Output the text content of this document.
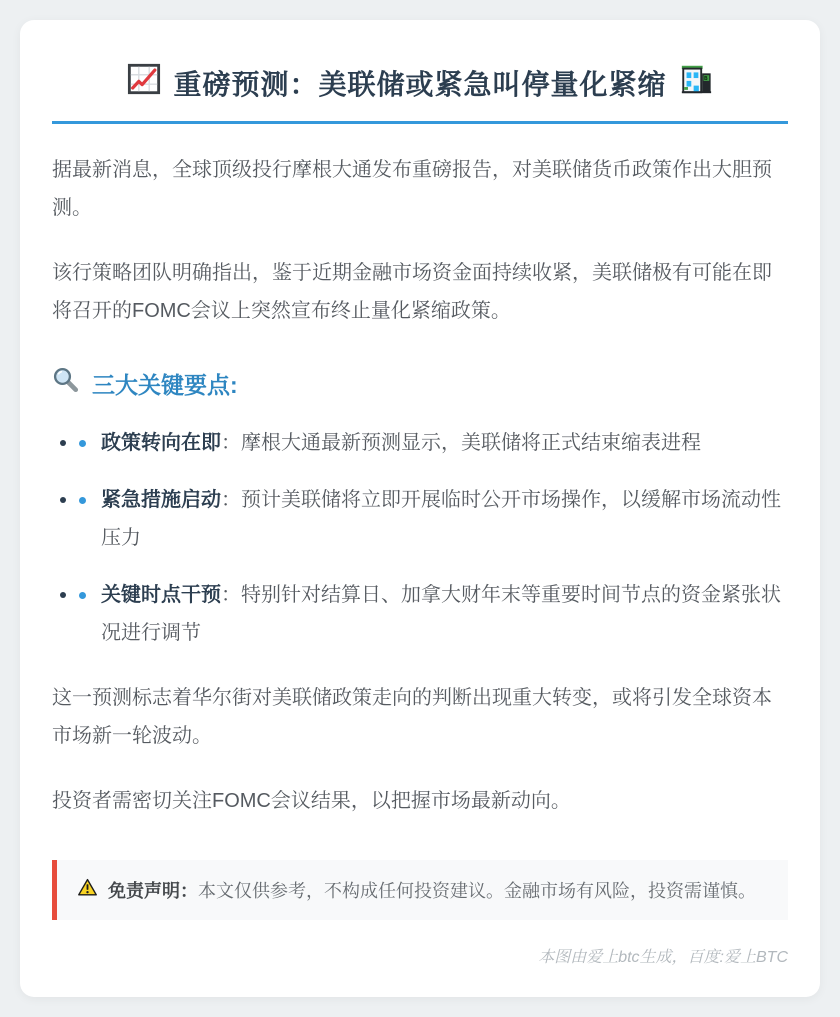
重磅预测：美联储或紧急叫停量化紧缩	B

据最新消息，全球顶级投行摩根大通发布重磅报告，对美联储货币政策作出大胆预测。

该行策略团队明确指出，鉴于近期金融市场资金面持续收紧，美联储极有可能在即将召开的FOMC会议上突然宣布终止量化紧缩政策。

三大关键要点:
政策转向在即：摩根大通最新预测显示，美联储将正式结束缩表进程
紧急措施启动：预计美联储将立即开展临时公开市场操作，以缓解市场流动性压力
关键时点干预：特别针对结算日、加拿大财年末等重要时间节点的资金紧张状况进行调节

这一预测标志着华尔街对美联储政策走向的判断出现重大转变，或将引发全球资本市场新一轮波动。

投资者需密切关注FOMC会议结果，以把握市场最新动向。

免责声明：本文仅供参考，不构成任何投资建议。金融市场有风险，投资需谨慎。
本图由爱上btc生成，百度:爱上BTC
